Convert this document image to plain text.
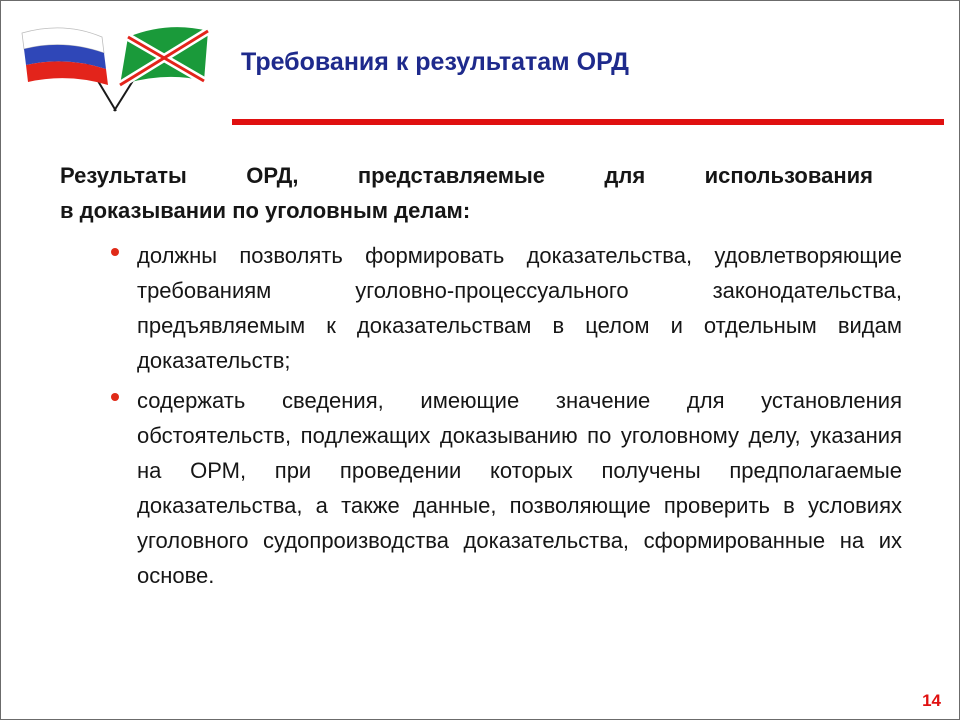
Требования к результатам ОРД
Результаты ОРД, представляемые для использования
в доказывании по уголовным делам:
должны позволять формировать доказательства, удовлетворяющие требованиям уголовно-процессуального законодательства, предъявляемым к доказательствам в целом и отдельным видам доказательств;
содержать сведения, имеющие значение для установления обстоятельств, подлежащих доказыванию по уголовному делу, указания на ОРМ, при проведении которых получены предполагаемые доказательства, а также данные, позволяющие проверить в условиях уголовного судопроизводства доказательства, сформированные на их основе.
14
